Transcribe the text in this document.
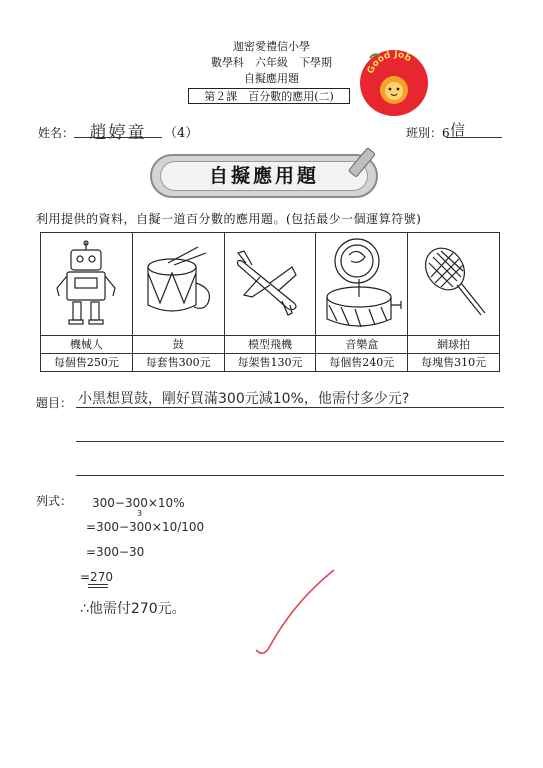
迦密愛禮信小學
數學科　六年級　下學期
自擬應用題
第２課　百分數的應用(二)
Good Job
姓名： 趙婷童	（4）	班別：6 信
自擬應用題
利用提供的資料，自擬一道百分數的應用題。(包括最少一個運算符號)

機械人	鼓	模型飛機	音樂盒	網球拍
每個售250元	每套售300元	每架售130元	每個售240元	每塊售310元
題目： 小黑想買鼓，剛好買滿300元減10%，他需付多少元?
列式： 300−300×10%
=300−300×10/100
3
=300−30
=270
∴他需付270元。
